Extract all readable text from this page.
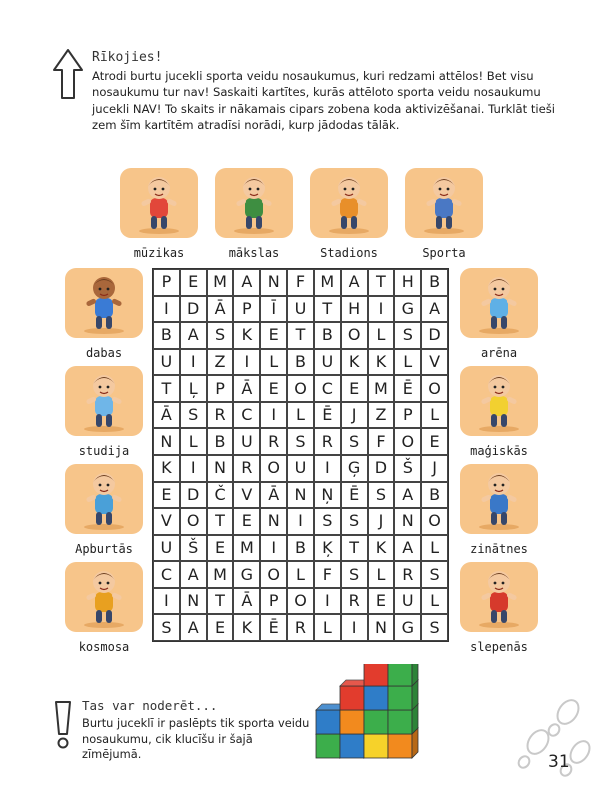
Rīkojies!
Atrodi burtu jucekli sporta veidu nosaukumus, kuri redzami attēlos! Bet visu nosaukumu tur nav! Saskaiti kartītes, kurās attēloto sporta veidu nosaukumu jucekli NAV! To skaits ir nākamais cipars zobena koda aktivizēšanai. Turklāt tieši zem šīm kartītēm atradīsi norādi, kurp jādodas tālāk.
mūzikas	mākslas	Stadions	Sporta
dabas
studija
Apburtās
kosmosa
arēna
maģiskās
zinātnes
slepenās
P	E M A N	F M A	T H B
I	D Ā	P	Ī	U	T H	I	G A
B A	S	K	E	T	B O	L	S D
U	I	Z	I	L	B U K	K	L	V
T	Ļ	P	Ā	E O C	E M Ē O
Ā	S	R C	I	L	Ē	J	Z	P	L
N	L	B U R	S	R	S	F O E
K	I	N R O U	I	Ģ D Š	J
E D Č V Ā N Ņ Ē	S	A B
V O T	E N	I	S	S	J	N O
U Š	E M	I	B	Ķ	T	K	A	L
C A M G O	L	F	S	L	R	S
I	N T	Ā	P O	I	R	E U	L
S	A	E	K	Ē	R	L	I	N G S
Tas var noderēt...
Burtu juceklī ir paslēpts tik sporta veidu nosaukumu, cik klucīšu ir šajā zīmējumā.	31
